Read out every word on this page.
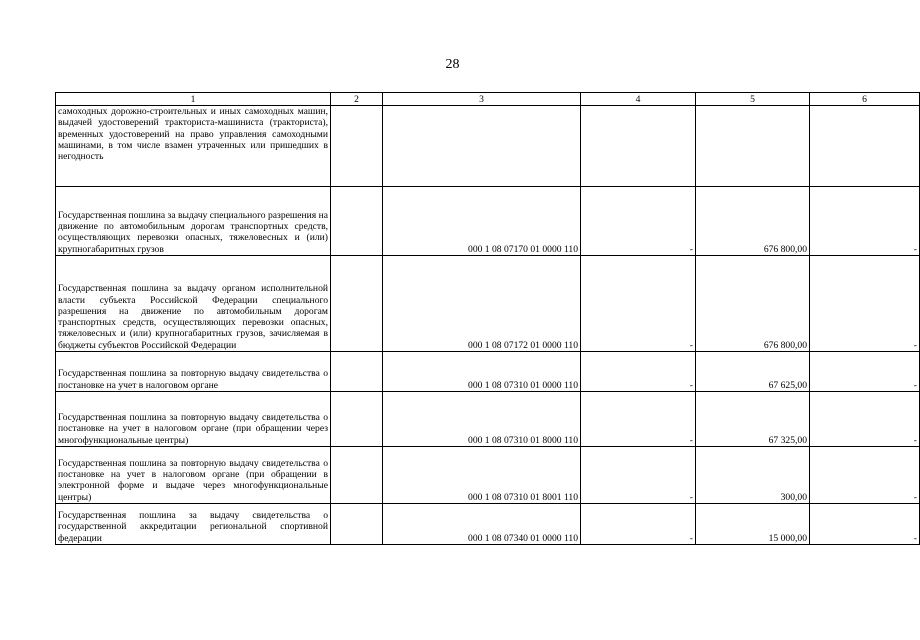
28
1	2	3	4	5	6
самоходных дорожно-строительных и иных самоходных машин, выдачей удостоверений тракториста-машиниста (тракториста), временных удостоверений на право управления самоходными машинами, в том числе взамен утраченных или пришедших в негодность					
Государственная пошлина за выдачу специального разрешения на движение по автомобильным дорогам транспортных средств, осуществляющих перевозки опасных, тяжеловесных и (или) крупногабаритных грузов		000 1 08 07170 01 0000 110	-	676 800,00	-
Государственная пошлина за выдачу органом исполнительной власти субъекта Российской Федерации специального разрешения на движение по автомобильным дорогам транспортных средств, осуществляющих перевозки опасных, тяжеловесных и (или) крупногабаритных грузов, зачисляемая в бюджеты субъектов Российской Федерации		000 1 08 07172 01 0000 110	-	676 800,00	-
Государственная пошлина за повторную выдачу свидетельства о постановке на учет в налоговом органе		000 1 08 07310 01 0000 110	-	67 625,00	-
Государственная пошлина за повторную выдачу свидетельства о постановке на учет в налоговом органе (при обращении через многофункциональные центры)		000 1 08 07310 01 8000 110	-	67 325,00	-
Государственная пошлина за повторную выдачу свидетельства о постановке на учет в налоговом органе (при обращении в электронной форме и выдаче через многофункциональные центры)		000 1 08 07310 01 8001 110	-	300,00	-
Государственная пошлина за выдачу свидетельства о государственной аккредитации региональной спортивной федерации		000 1 08 07340 01 0000 110	-	15 000,00	-
